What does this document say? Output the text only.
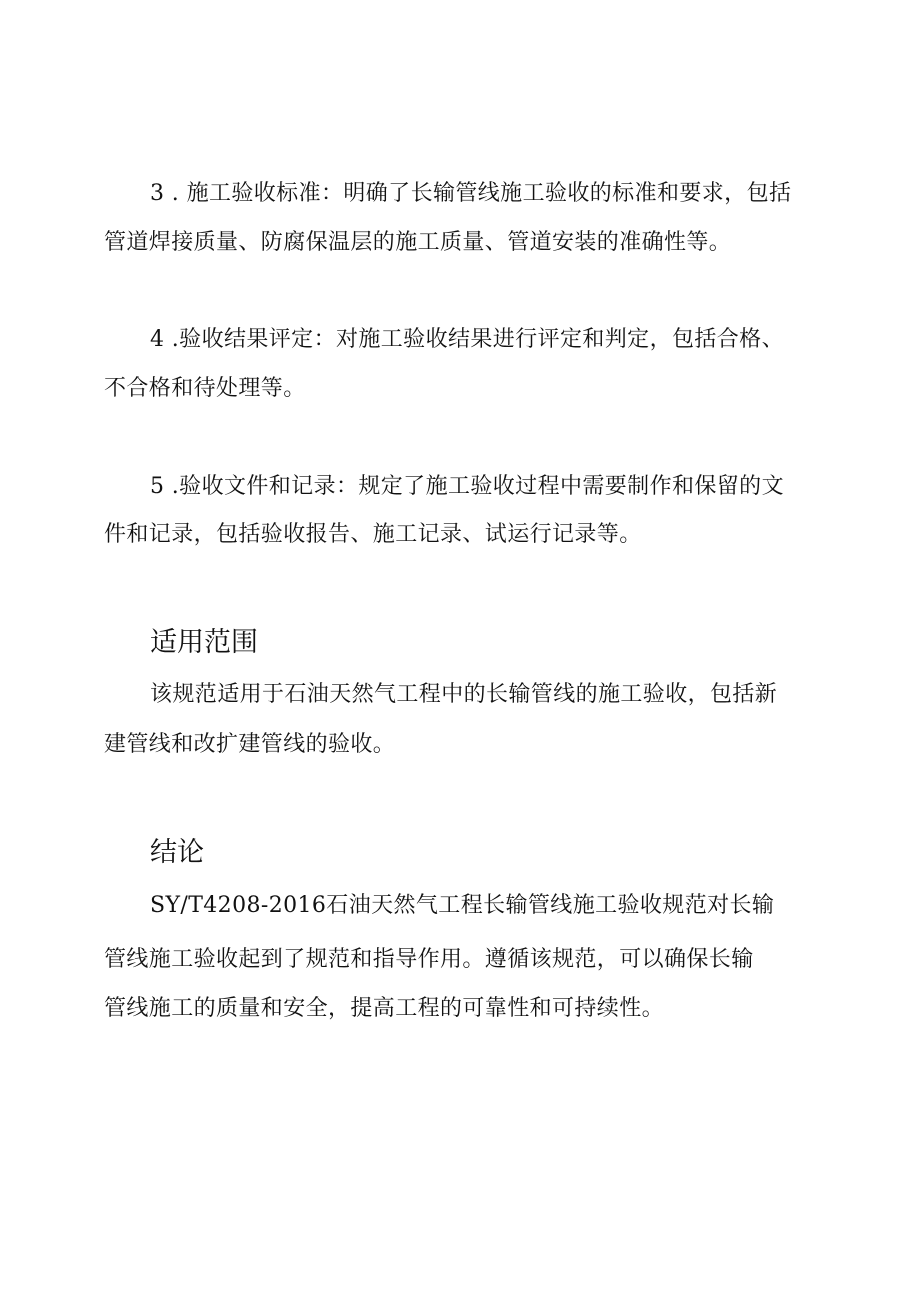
3 . 施工验收标准：明确了长输管线施工验收的标准和要求，包括
管道焊接质量、防腐保温层的施工质量、管道安装的准确性等。
4 .验收结果评定：对施工验收结果进行评定和判定，包括合格、
不合格和待处理等。
5 .验收文件和记录：规定了施工验收过程中需要制作和保留的文
件和记录，包括验收报告、施工记录、试运行记录等。
适用范围
该规范适用于石油天然气工程中的长输管线的施工验收，包括新
建管线和改扩建管线的验收。
结论
SY/T4208-2016石油天然气工程长输管线施工验收规范对长输
管线施工验收起到了规范和指导作用。遵循该规范，可以确保长输
管线施工的质量和安全，提高工程的可靠性和可持续性。
